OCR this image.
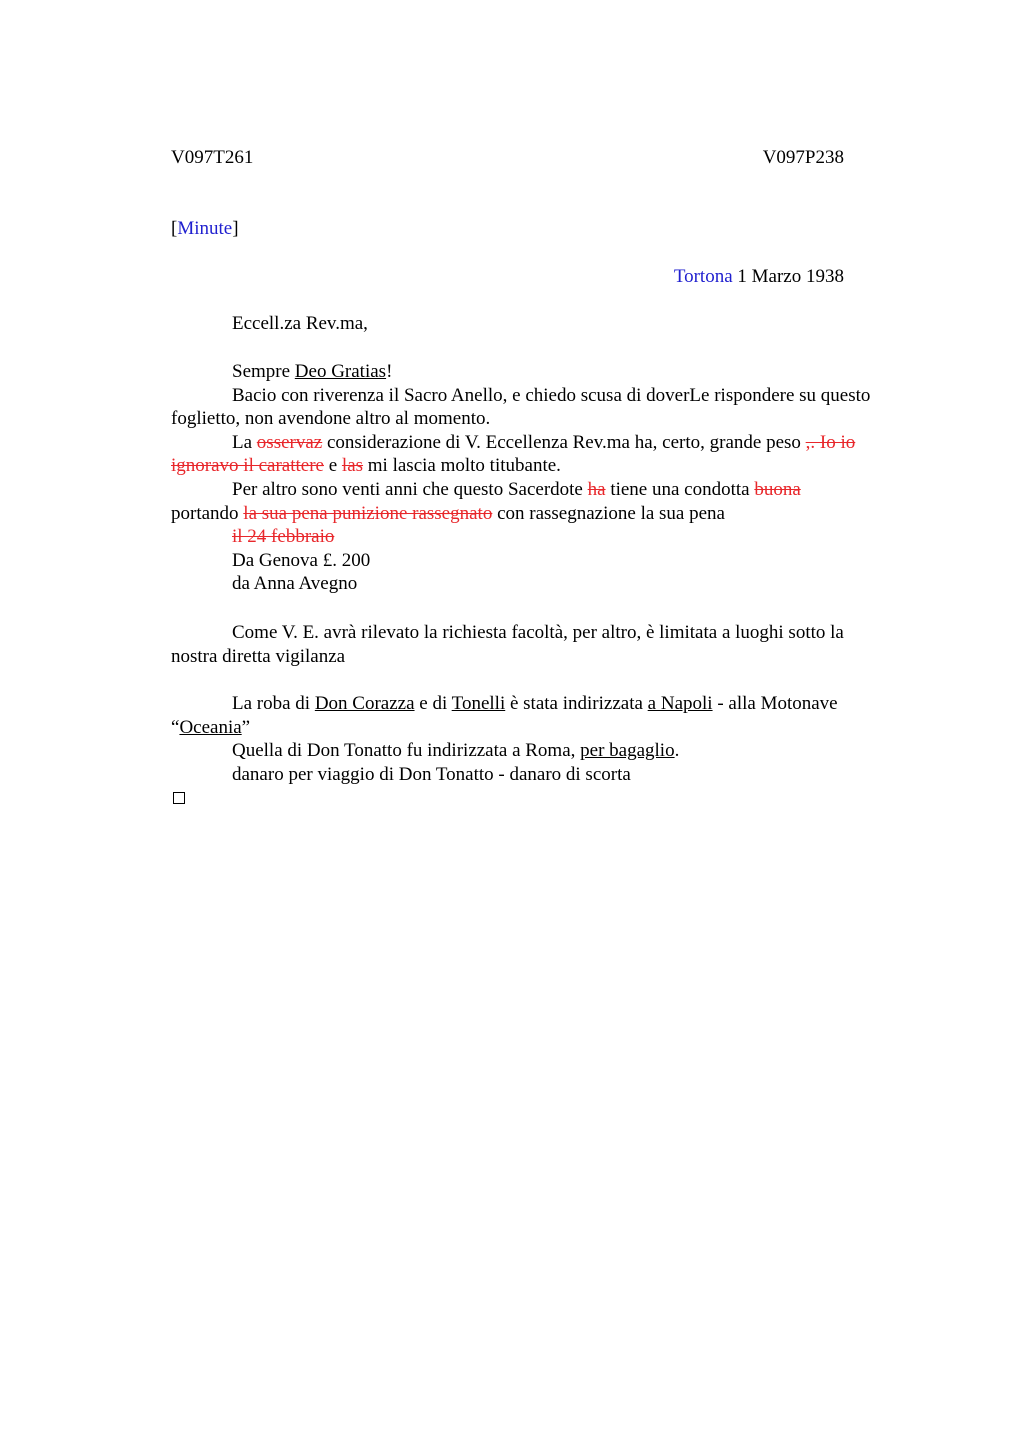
V097T261	V097P238
[Minute]
Tortona 1 Marzo 1938
Eccell.za Rev.ma,
Sempre Deo Gratias!
Bacio con riverenza il Sacro Anello, e chiedo scusa di doverLe rispondere su questo
foglietto, non avendone altro al momento.
La osservaz considerazione di V. Eccellenza Rev.ma ha, certo, grande peso ,. Io io
ignoravo il carattere e las mi lascia molto titubante.
Per altro sono venti anni che questo Sacerdote ha tiene una condotta buona
portando la sua pena punizione rassegnato con rassegnazione la sua pena
il 24 febbraio
Da Genova £. 200
da Anna Avegno
Come V. E. avrà rilevato la richiesta facoltà, per altro, è limitata a luoghi sotto la
nostra diretta vigilanza
La roba di Don Corazza e di Tonelli è stata indirizzata a Napoli - alla Motonave
“Oceania”
Quella di Don Tonatto fu indirizzata a Roma, per bagaglio.
danaro per viaggio di Don Tonatto - danaro di scorta
